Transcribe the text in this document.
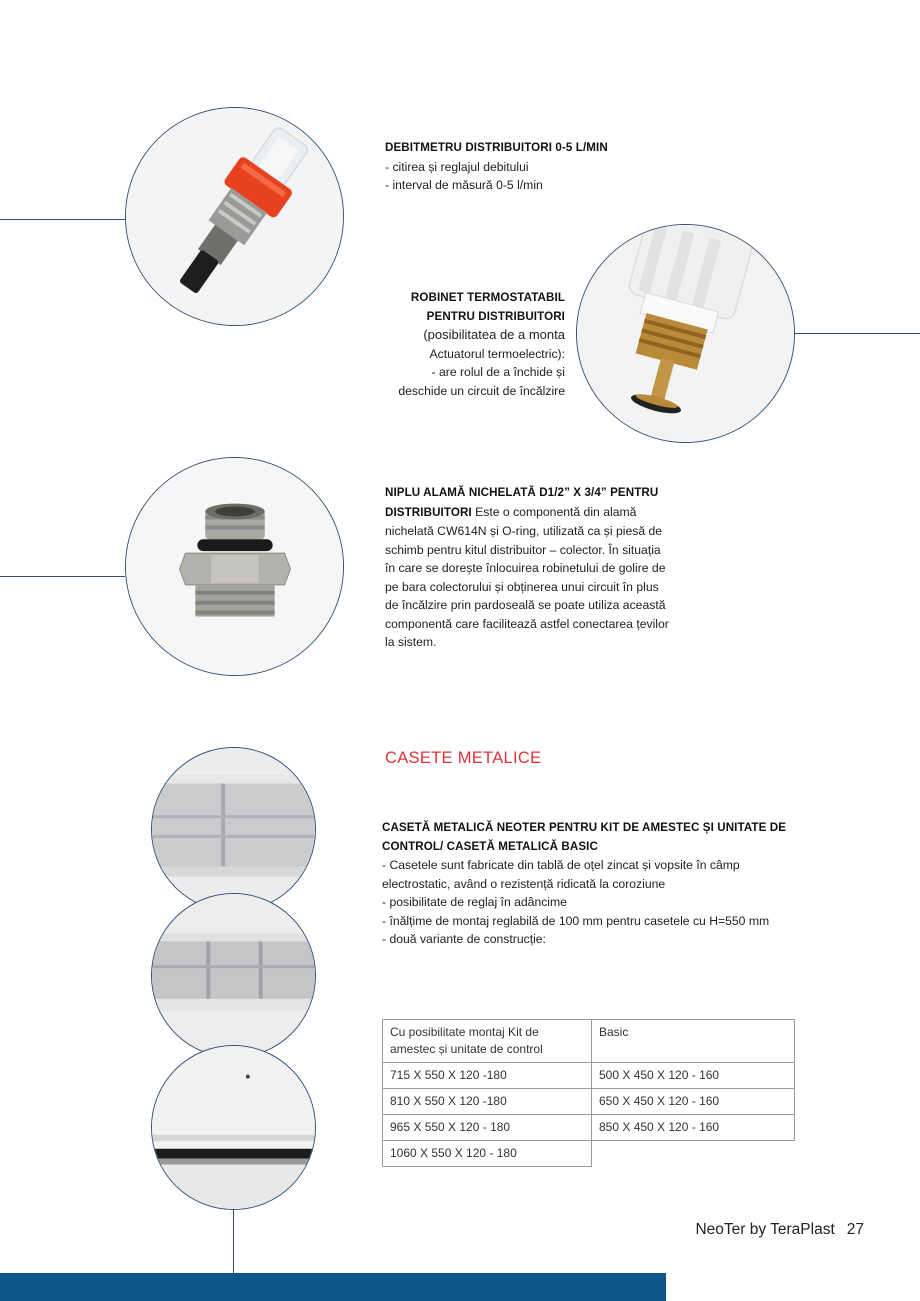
DEBITMETRU DISTRIBUITORI 0-5 L/MIN

- citirea și reglajul debitului

- interval de măsură 0-5 l/min

ROBINET TERMOSTATABIL

PENTRU DISTRIBUITORI

(posibilitatea de a monta

Actuatorul termoelectric):

- are rolul de a închide și

deschide un circuit de încălzire

NIPLU ALAMĂ NICHELATĂ D1/2” X 3/4” PENTRU

DISTRIBUITORI Este o componentă din alamă

nichelată CW614N și O-ring, utilizată ca și piesă de

schimb pentru kitul distribuitor – colector. În situația

în care se dorește înlocuirea robinetului de golire de

pe bara colectorului și obținerea unui circuit în plus

de încălzire prin pardoseală se poate utiliza această

componentă care facilitează astfel conectarea țevilor

la sistem.

CASETE METALICE

CASETĂ METALICĂ NEOTER PENTRU KIT DE AMESTEC ȘI UNITATE DE

CONTROL/ CASETĂ METALICĂ BASIC

- Casetele sunt fabricate din tablă de oțel zincat și vopsite în câmp

electrostatic, având o rezistență ridicată la coroziune

- posibilitate de reglaj în adâncime

- înălțime de montaj reglabilă de 100 mm pentru casetele cu H=550 mm

- două variante de construcție:

Cu posibilitate montaj Kit de amestec și unitate de control	Basic
715 X 550 X 120 -180	500 X 450 X 120 - 160
810 X 550 X 120 -180	650 X 450 X 120 - 160
965 X 550 X 120 - 180	850 X 450 X 120 - 160
1060 X 550 X 120 - 180	
NeoTer by TeraPlast 27
